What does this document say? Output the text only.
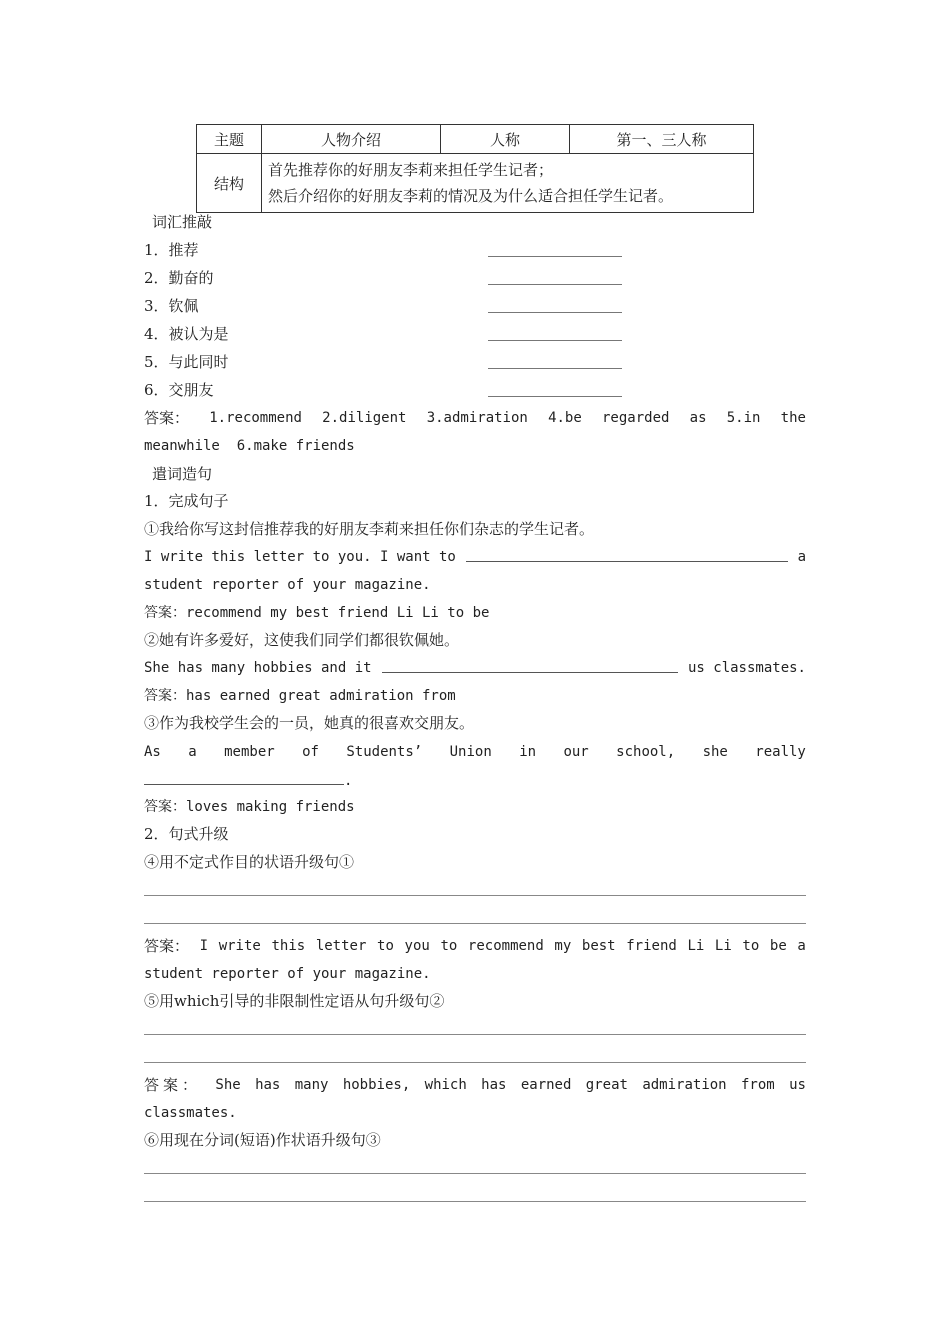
主题	人物介绍	人称	第一、三人称
结构	首先推荐你的好朋友李莉来担任学生记者；
然后介绍你的好朋友李莉的情况及为什么适合担任学生记者。		
词汇推敲
1．推荐
2．勤奋的
3．钦佩
4．被认为是
5．与此同时
6．交朋友
答案： 1.recommend 2.diligent 3.admiration 4.be regarded as 5.in the
meanwhile  6.make friends
遣词造句
1．完成句子
①我给你写这封信推荐我的好朋友李莉来担任你们杂志的学生记者。
I write this letter to you. I want to	a
student reporter of your magazine.
答案：recommend my best friend Li Li to be
②她有许多爱好，这使我们同学们都很钦佩她。
She has many hobbies and it	us classmates.
答案：has earned great admiration from
③作为我校学生会的一员，她真的很喜欢交朋友。
As a member of Students’ Union in our school, she really
.
答案：loves making friends
2．句式升级
④用不定式作目的状语升级句①
答案： I write this letter to you to recommend my best friend Li Li to be a
student reporter of your magazine.
⑤用which引导的非限制性定语从句升级句②
答案： She has many hobbies, which has earned great admiration from us
classmates.
⑥用现在分词(短语)作状语升级句③
